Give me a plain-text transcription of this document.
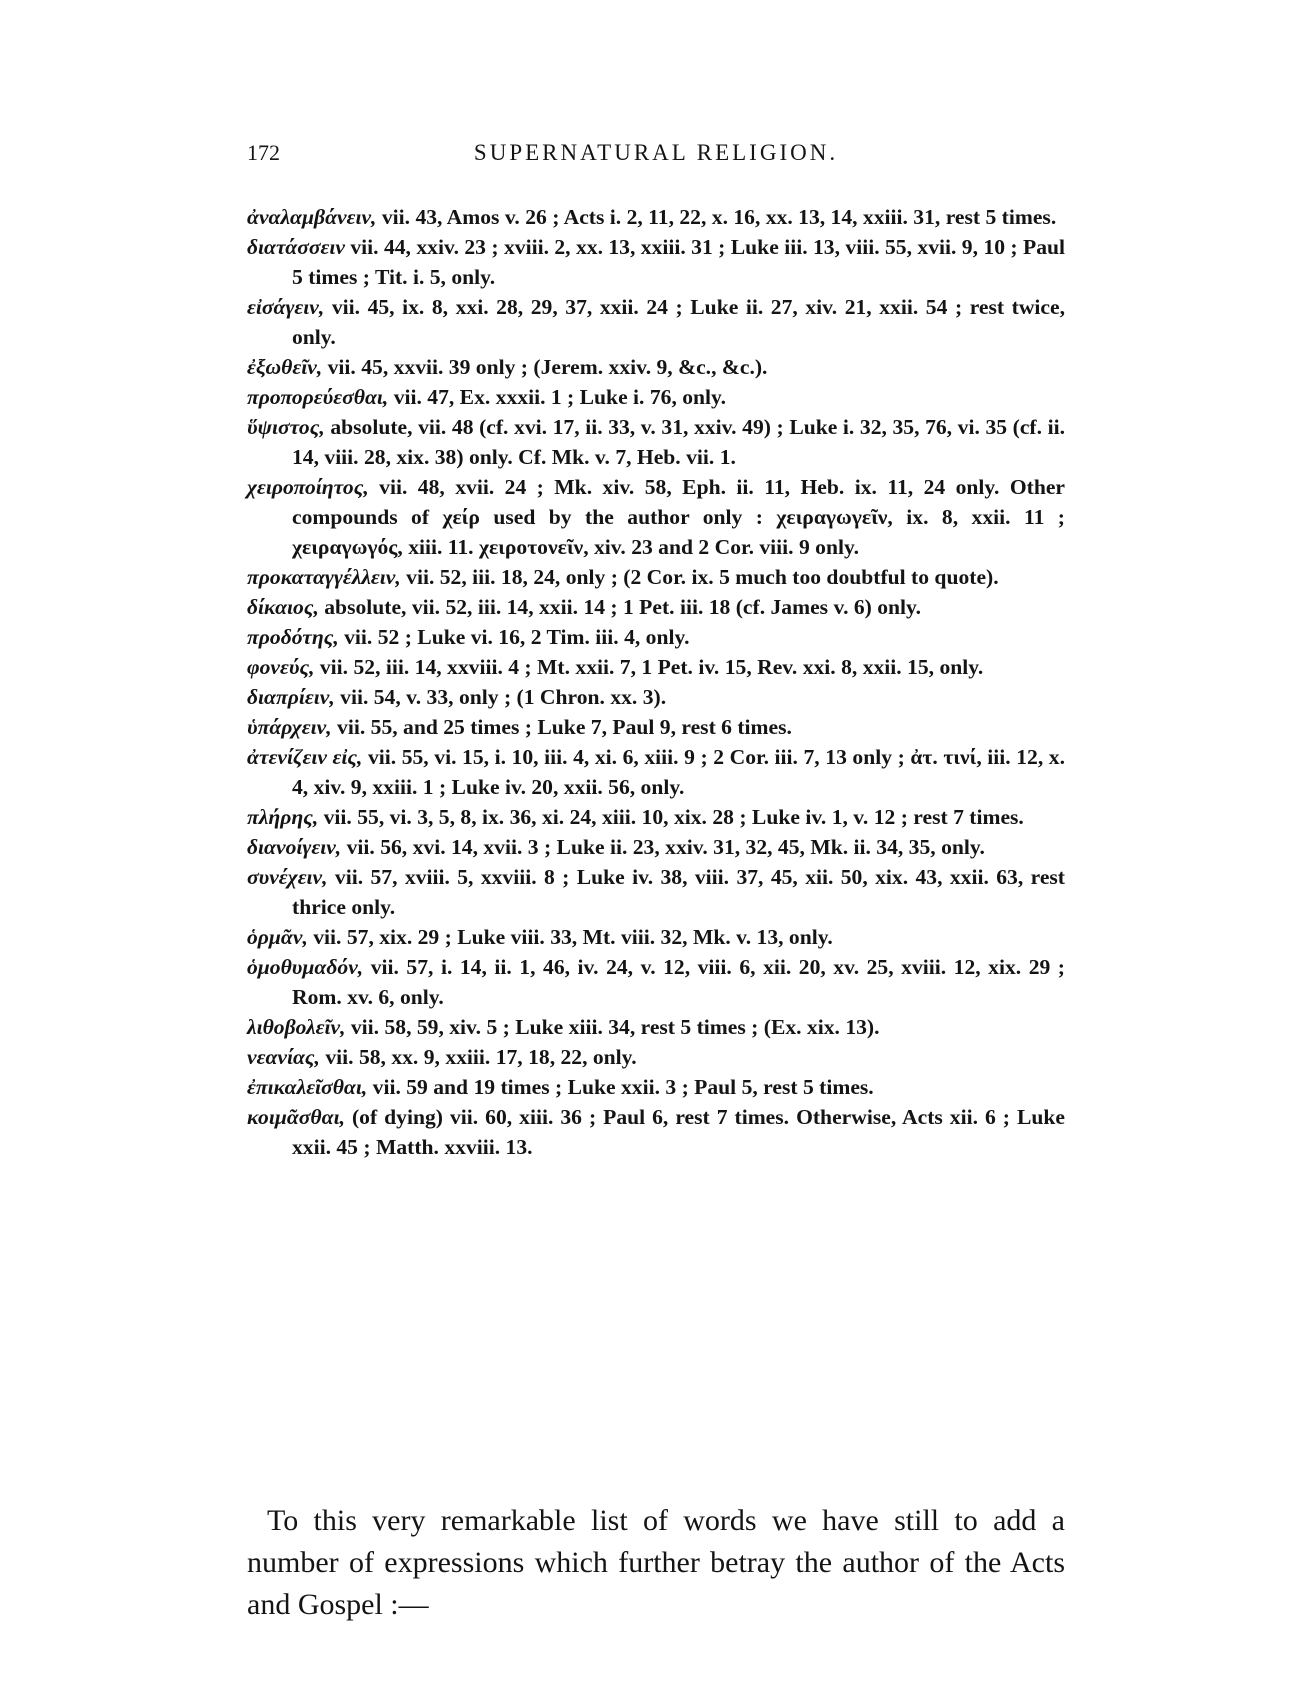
172	SUPERNATURAL RELIGION.

ἀναλαμβάνειν, vii. 43, Amos v. 26 ; Acts i. 2, 11, 22, x. 16, xx. 13, 14, xxiii. 31, rest 5 times.

διατάσσειν vii. 44, xxiv. 23 ; xviii. 2, xx. 13, xxiii. 31 ; Luke iii. 13, viii. 55, xvii. 9, 10 ; Paul 5 times ; Tit. i. 5, only.

εἰσάγειν, vii. 45, ix. 8, xxi. 28, 29, 37, xxii. 24 ; Luke ii. 27, xiv. 21, xxii. 54 ; rest twice, only.

ἐξωθεῖν, vii. 45, xxvii. 39 only ; (Jerem. xxiv. 9, &c., &c.).

προπορεύεσθαι, vii. 47, Ex. xxxii. 1 ; Luke i. 76, only.

ὕψιστος, absolute, vii. 48 (cf. xvi. 17, ii. 33, v. 31, xxiv. 49) ; Luke i. 32, 35, 76, vi. 35 (cf. ii. 14, viii. 28, xix. 38) only. Cf. Mk. v. 7, Heb. vii. 1.

χειροποίητος, vii. 48, xvii. 24 ; Mk. xiv. 58, Eph. ii. 11, Heb. ix. 11, 24 only. Other compounds of χείρ used by the author only : χειραγωγεῖν, ix. 8, xxii. 11 ; χειραγωγός, xiii. 11. χειροτονεῖν, xiv. 23 and 2 Cor. viii. 9 only.

προκαταγγέλλειν, vii. 52, iii. 18, 24, only ; (2 Cor. ix. 5 much too doubtful to quote).

δίκαιος, absolute, vii. 52, iii. 14, xxii. 14 ; 1 Pet. iii. 18 (cf. James v. 6) only.

προδότης, vii. 52 ; Luke vi. 16, 2 Tim. iii. 4, only.

φονεύς, vii. 52, iii. 14, xxviii. 4 ; Mt. xxii. 7, 1 Pet. iv. 15, Rev. xxi. 8, xxii. 15, only.

διαπρίειν, vii. 54, v. 33, only ; (1 Chron. xx. 3).

ὑπάρχειν, vii. 55, and 25 times ; Luke 7, Paul 9, rest 6 times.

ἀτενίζειν εἰς, vii. 55, vi. 15, i. 10, iii. 4, xi. 6, xiii. 9 ; 2 Cor. iii. 7, 13 only ; ἀτ. τινί, iii. 12, x. 4, xiv. 9, xxiii. 1 ; Luke iv. 20, xxii. 56, only.

πλήρης, vii. 55, vi. 3, 5, 8, ix. 36, xi. 24, xiii. 10, xix. 28 ; Luke iv. 1, v. 12 ; rest 7 times.

διανοίγειν, vii. 56, xvi. 14, xvii. 3 ; Luke ii. 23, xxiv. 31, 32, 45, Mk. ii. 34, 35, only.

συνέχειν, vii. 57, xviii. 5, xxviii. 8 ; Luke iv. 38, viii. 37, 45, xii. 50, xix. 43, xxii. 63, rest thrice only.

ὁρμᾶν, vii. 57, xix. 29 ; Luke viii. 33, Mt. viii. 32, Mk. v. 13, only.

ὁμοθυμαδόν, vii. 57, i. 14, ii. 1, 46, iv. 24, v. 12, viii. 6, xii. 20, xv. 25, xviii. 12, xix. 29 ; Rom. xv. 6, only.

λιθοβολεῖν, vii. 58, 59, xiv. 5 ; Luke xiii. 34, rest 5 times ; (Ex. xix. 13).

νεανίας, vii. 58, xx. 9, xxiii. 17, 18, 22, only.

ἐπικαλεῖσθαι, vii. 59 and 19 times ; Luke xxii. 3 ; Paul 5, rest 5 times.

κοιμᾶσθαι, (of dying) vii. 60, xiii. 36 ; Paul 6, rest 7 times. Otherwise, Acts xii. 6 ; Luke xxii. 45 ; Matth. xxviii. 13.

To this very remarkable list of words we have still to add a number of expressions which further betray the author of the Acts and Gospel :—
